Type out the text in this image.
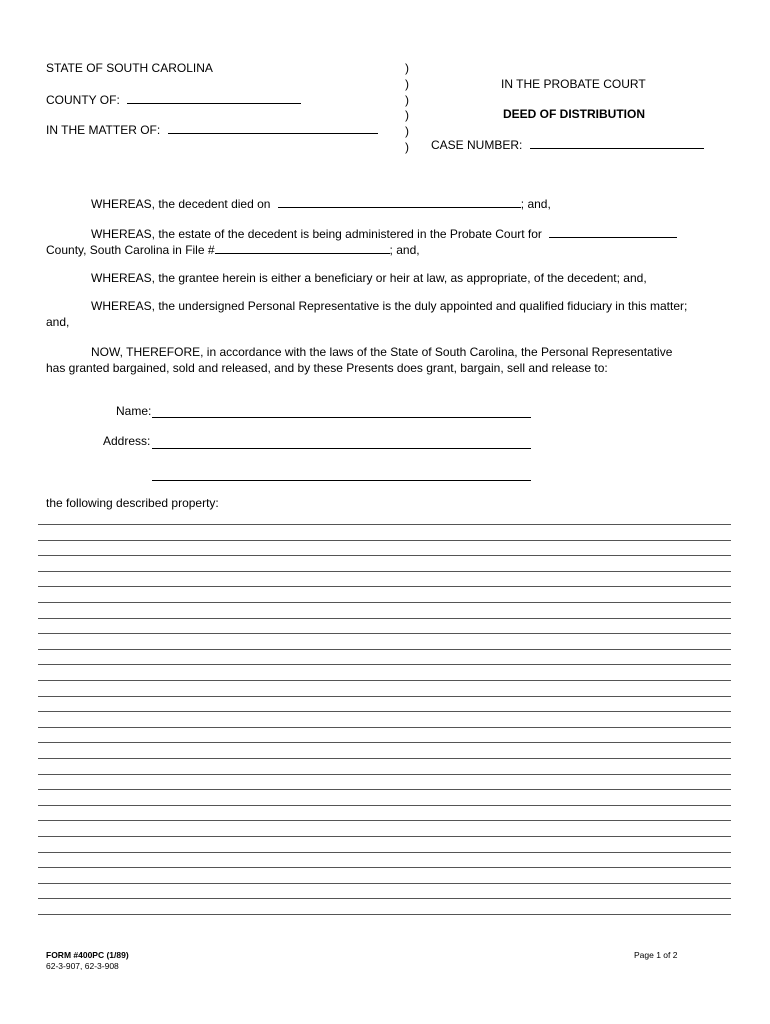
STATE OF SOUTH CAROLINA
COUNTY OF:
IN THE MATTER OF:
)
)
)
)
)
)
IN THE PROBATE COURT
DEED OF DISTRIBUTION
CASE NUMBER:
WHEREAS, the decedent died on	; and,
WHEREAS, the estate of the decedent is being administered in the Probate Court for
County, South Carolina in File #	; and,
WHEREAS, the grantee herein is either a beneficiary or heir at law, as appropriate, of the decedent; and,
WHEREAS, the undersigned Personal Representative is the duly appointed and qualified fiduciary in this matter;
and,
NOW, THEREFORE, in accordance with the laws of the State of South Carolina, the Personal Representative
has granted bargained, sold and released, and by these Presents does grant, bargain, sell and release to:
Name:
Address:
the following described property:
FORM #400PC (1/89)
62-3-907, 62-3-908
Page 1 of 2
